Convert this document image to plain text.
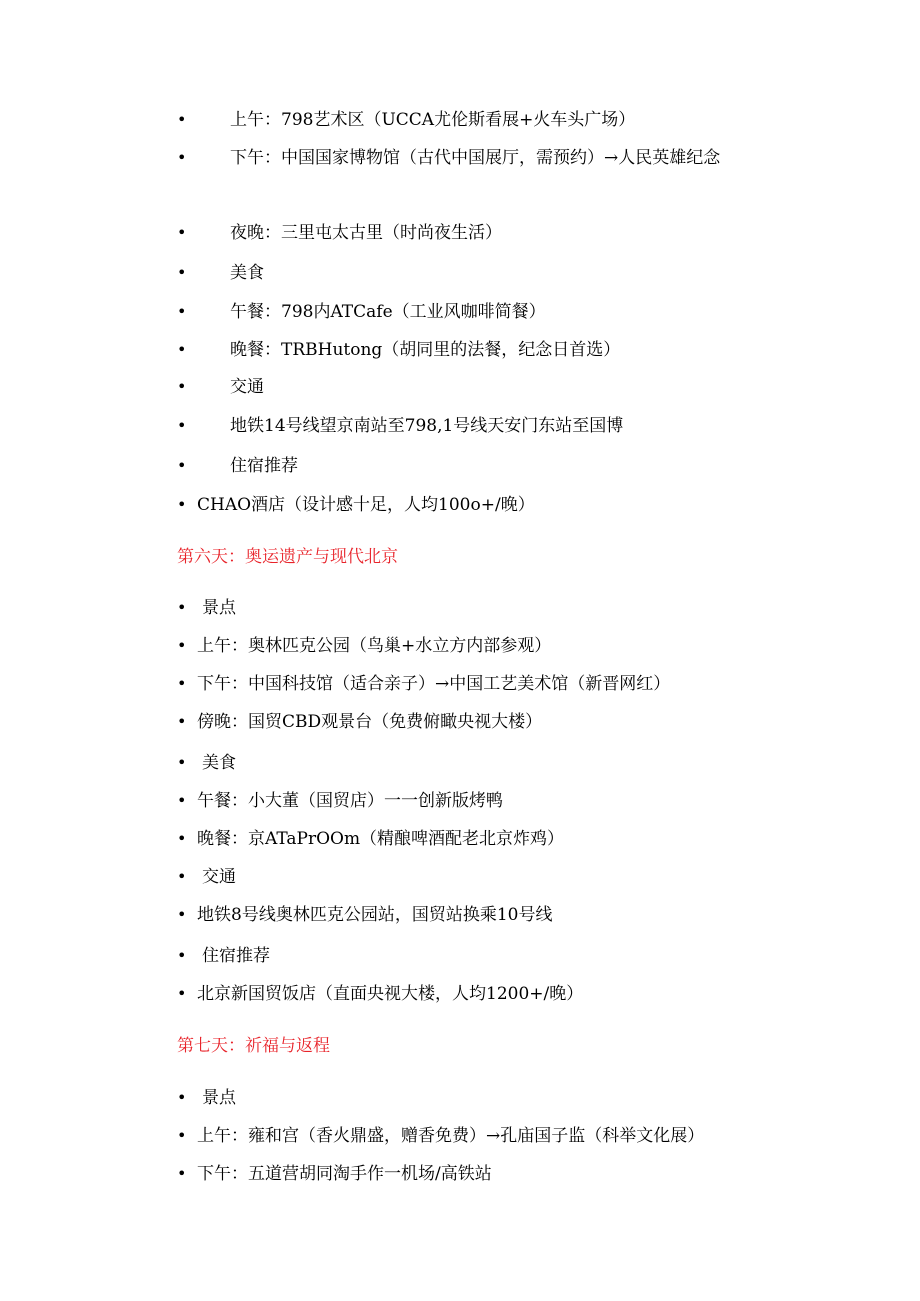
•	上午：798艺术区（UCCA尤伦斯看展+火车头广场）
•	下午：中国国家博物馆（古代中国展厅，需预约）→人民英雄纪念
•	夜晚：三里屯太古里（时尚夜生活）
•	美食
•	午餐：798内ATCafe（工业风咖啡简餐）
•	晚餐：TRBHutong（胡同里的法餐，纪念日首选）
•	交通
•	地铁14号线望京南站至798,1号线天安门东站至国博
•	住宿推荐
• CHAO酒店（设计感十足，人均100o+/晚）
第六天：奥运遗产与现代北京
• 景点
• 上午：奥林匹克公园（鸟巢+水立方内部参观）
• 下午：中国科技馆（适合亲子）→中国工艺美术馆（新晋网红）
• 傍晚：国贸CBD观景台（免费俯瞰央视大楼）
• 美食
• 午餐：小大董（国贸店）一一创新版烤鸭
• 晚餐：京ATaPrOOm（精酿啤酒配老北京炸鸡）
• 交通
• 地铁8号线奥林匹克公园站，国贸站换乘10号线
• 住宿推荐
• 北京新国贸饭店（直面央视大楼，人均1200+/晚）
第七天：祈福与返程
• 景点
• 上午：雍和宫（香火鼎盛，赠香免费）→孔庙国子监（科举文化展）
• 下午：五道营胡同淘手作一机场/高铁站
